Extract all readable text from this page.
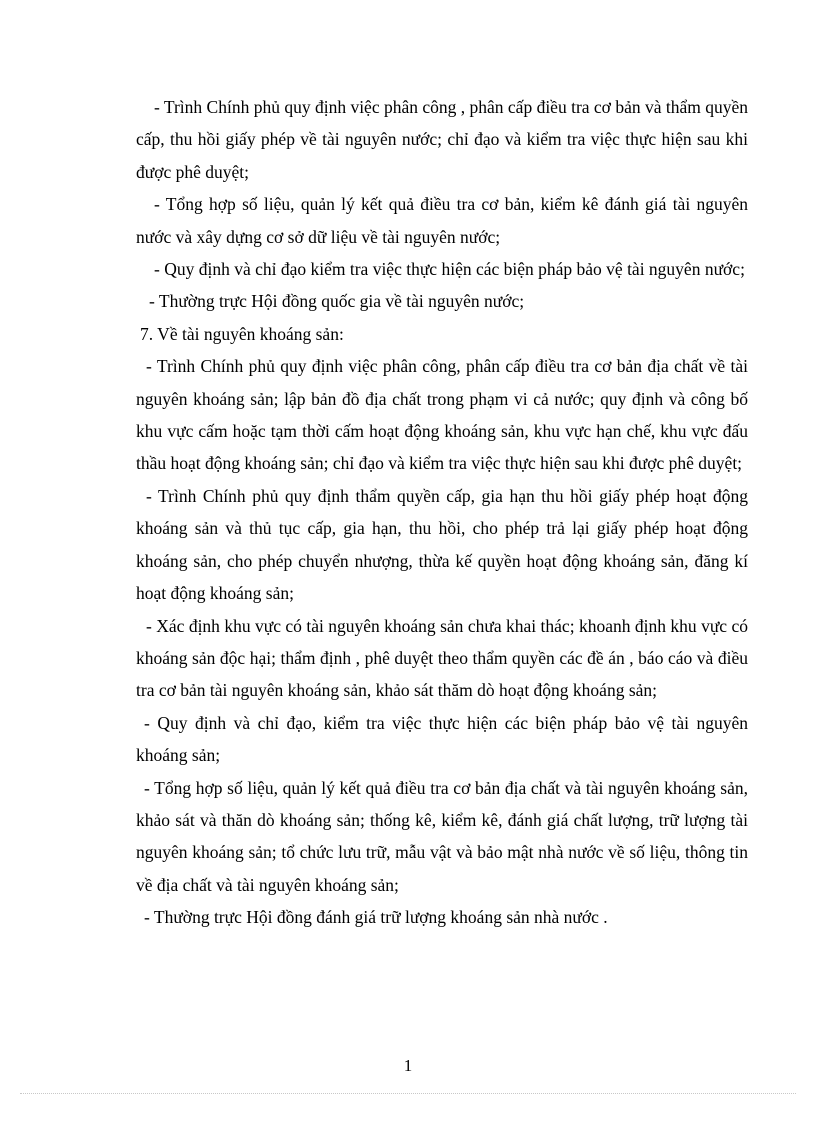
- Trình Chính phủ quy định việc phân công , phân cấp điều tra cơ bản và thẩm quyền cấp, thu hồi giấy phép về tài nguyên nước; chỉ đạo và kiểm tra việc thực hiện sau khi được phê duyệt;

- Tổng hợp số liệu, quản lý kết quả điều tra cơ bản, kiểm kê đánh giá tài nguyên nước và xây dựng cơ sở dữ liệu về tài nguyên nước;

- Quy định và chỉ đạo kiểm tra việc thực hiện các biện pháp bảo vệ tài nguyên nước;

- Thường trực Hội đồng quốc gia về tài nguyên nước;

7. Về tài nguyên khoáng sản:

- Trình Chính phủ quy định việc phân công, phân cấp điều tra cơ bản địa chất về tài nguyên khoáng sản; lập bản đồ địa chất trong phạm vi cả nước; quy định và công bố khu vực cấm hoặc tạm thời cấm hoạt động khoáng sản, khu vực hạn chế, khu vực đấu thầu hoạt động khoáng sản; chỉ đạo và kiểm tra việc thực hiện sau khi được phê duyệt;

- Trình Chính phủ quy định thẩm quyền cấp, gia hạn thu hồi giấy phép hoạt động khoáng sản và thủ tục cấp, gia hạn, thu hồi, cho phép trả lại giấy phép hoạt động khoáng sản, cho phép chuyển nhượng, thừa kế quyền hoạt động khoáng sản, đăng kí hoạt động khoáng sản;

- Xác định khu vực có tài nguyên khoáng sản chưa khai thác; khoanh định khu vực có khoáng sản độc hại; thẩm định , phê duyệt theo thẩm quyền các đề án , báo cáo và điều tra cơ bản tài nguyên khoáng sản, khảo sát thăm dò hoạt động khoáng sản;

- Quy định và chỉ đạo, kiểm tra việc thực hiện các biện pháp bảo vệ tài nguyên khoáng sản;

- Tổng hợp số liệu, quản lý kết quả điều tra cơ bản địa chất và tài nguyên khoáng sản, khảo sát và thăn dò khoáng sản; thống kê, kiểm kê, đánh giá chất lượng, trữ lượng tài nguyên khoáng sản; tổ chức lưu trữ, mẫu vật và bảo mật nhà nước về số liệu, thông tin về địa chất và tài nguyên khoáng sản;

- Thường trực Hội đồng đánh giá trữ lượng khoáng sản nhà nước .

1
